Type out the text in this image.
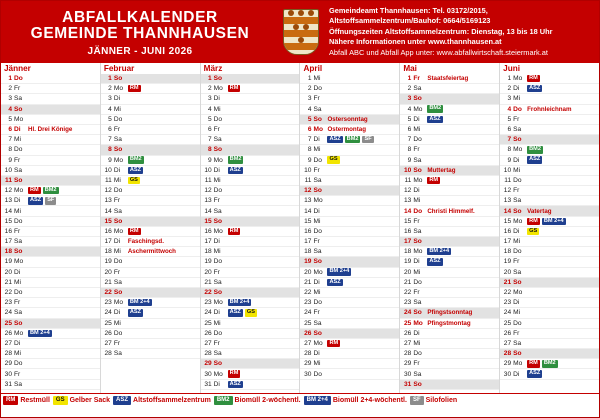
ABFALLKALENDER
GEMEINDE THANNHAUSEN
JÄNNER - JUNI 2026
Gemeindeamt Thannhausen: Tel. 03172/2015,
Altstoffsammelzentrum/Bauhof: 0664/5169123
Öffnungszeiten Altstoffsammelzentrum: Dienstag, 13 bis 18 Uhr
Nähere Informationen unter www.thannhausen.at
Abfall ABC und Abfall App unter: www.abfallwirtschaft.steiermark.at
Jänner
1 Do
2 Fr
3 Sa
4 So
5 Mo
6 Di	Hl. Drei Könige
7 Mi
8 Do
9 Fr
10 Sa
11 So
12 Mo	RM	BM2
13 Di	ASZ	SF
14 Mi
15 Do
16 Fr
17 Sa
18 So
19 Mo
20 Di
21 Mi
22 Do
23 Fr
24 Sa
25 So
26 Mo	BM 2+4
27 Di
28 Mi
29 Do
30 Fr
31 Sa
Februar
1 So
2 Mo	RM
3 Di
4 Mi
5 Do
6 Fr
7 Sa
8 So
9 Mo	BM2
10 Di	ASZ
11 Mi	GS
12 Do
13 Fr
14 Sa
15 So
16 Mo	RM
17 Di	Faschingsd.
18 Mi	Aschermittwoch
19 Do
20 Fr
21 Sa
22 So
23 Mo	BM 2+4
24 Di	ASZ
25 Mi
26 Do
27 Fr
28 Sa
März
1 So
2 Mo	RM
3 Di
4 Mi
5 Do
6 Fr
7 Sa
8 So
9 Mo	BM2
10 Di	ASZ
11 Mi
12 Do
13 Fr
14 Sa
15 So
16 Mo	RM
17 Di
18 Mi
19 Do
20 Fr
21 Sa
22 So
23 Mo	BM 2+4
24 Di	ASZ	GS
25 Mi
26 Do
27 Fr
28 Sa
29 So
30 Mo	RM
31 Di	ASZ
April
1 Mi
2 Do
3 Fr
4 Sa
5 So Ostersonntag
6 Mo Ostermontag
7 Di	ASZ	BM2	SF
8 Mi
9 Do	GS
10 Fr
11 Sa
12 So
13 Mo
14 Di
15 Mi
16 Do
17 Fr
18 Sa
19 So
20 Mo	BM 2+4
21 Di	ASZ
22 Mi
23 Do
24 Fr
25 Sa
26 So
27 Mo	RM
28 Di
29 Mi
30 Do
Mai
1 Fr	Staatsfeiertag
2 Sa
3 So
4 Mo	BM2
5 Di	ASZ
6 Mi
7 Do
8 Fr
9 Sa
10 So Muttertag
11 Mo	RM
12 Di
13 Mi
14 Do Christi Himmelf.
15 Fr
16 Sa
17 So
18 Mo	BM 2+4
19 Di	ASZ
20 Mi
21 Do
22 Fr
23 Sa
24 So Pfingstsonntag
25 Mo Pfingstmontag
26 Di
27 Mi
28 Do
29 Fr
30 Sa
31 So
Juni
1 Mo	RM
2 Di	ASZ
3 Mi
4 Do Frohnleichnam
5 Fr
6 Sa
7 So
8 Mo	BM2
9 Di	ASZ
10 Mi
11 Do
12 Fr
13 Sa
14 So Vatertag
15 Mo	RM	BM 2+4
16 Di	GS
17 Mi
18 Do
19 Fr
20 Sa
21 So
22 Mo
23 Di
24 Mi
25 Do
26 Fr
27 Sa
28 So
29 Mo	RM	BM2
30 Di	ASZ
RM Restmüll	GS Gelber Sack	ASZ Altstoffsammelzentrum	BM2 Biomüll 2-wöchentl.	BM 2+4 Biomüll 2+4-wöchentl.	SF Silofolien
